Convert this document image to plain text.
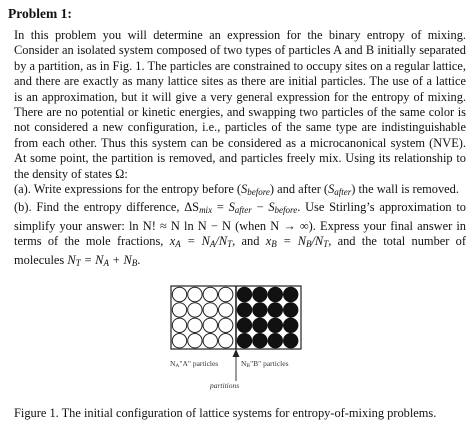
Problem 1:

In this problem you will determine an expression for the binary entropy of mixing. Consider an isolated system composed of two types of particles A and B initially separated by a partition, as in Fig. 1. The particles are constrained to occupy sites on a regular lattice, and there are exactly as many lattice sites as there are initial particles. The use of a lattice is an approximation, but it will give a very general expression for the entropy of mixing. There are no potential or kinetic energies, and swapping two particles of the same color is not considered a new configuration, i.e., particles of the same type are indistinguishable from each other. Thus this system can be considered as a microcanonical system (NVE). At some point, the partition is removed, and particles freely mix. Using its relationship to the density of states Ω:

(a). Write expressions for the entropy before $(S_{before})$ and after $(S_{after})$ the wall is removed.

(b). Find the entropy difference, $\Delta S_{mix} = S_{after} - S_{before}$. Use Stirling’s approximation to simplify your answer: ln N! ≈ N ln N − N (when N → ∞). Express your final answer in terms of the mole fractions, $x_A = N_A/N_T$, and $x_B = N_B/N_T$, and the total number of molecules $N_T = N_A + N_B$.

NA"A" particles	NB"B" particles
partitions
Figure 1. The initial configuration of lattice systems for entropy-of-mixing problems.
